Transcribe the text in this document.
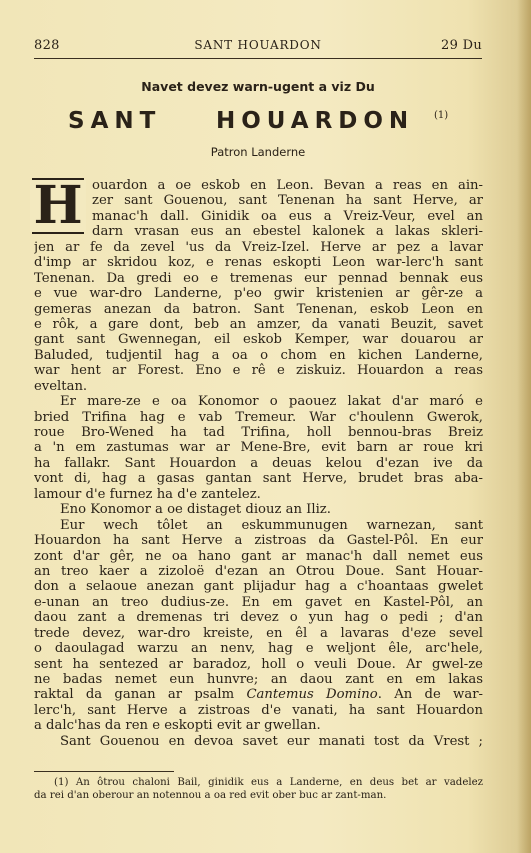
828	SANT HOUARDON	29 Du
Navet devez warn-ugent a viz Du
SANT HOUARDON (1)
Patron Landerne
ouardon a oe eskob en Leon. Bevan a reas en ain-
zer sant Gouenou, sant Tenenan ha sant Herve, ar
manac'h dall. Ginidik oa eus a Vreiz-Veur, evel an
darn vrasan eus an ebestel kalonek a lakas skleri-
jen ar fe da zevel 'us da Vreiz-Izel. Herve ar pez a lavar
d'imp ar skridou koz, e renas eskopti Leon war-lerc'h sant
Tenenan. Da gredi eo e tremenas eur pennad bennak eus
e vue war-dro Landerne, p'eo gwir kristenien ar gêr-ze a
gemeras anezan da batron. Sant Tenenan, eskob Leon en
e rôk, a gare dont, beb an amzer, da vanati Beuzit, savet
gant sant Gwennegan, eil eskob Kemper, war douarou ar
Baluded, tudjentil hag a oa o chom en kichen Landerne,
war hent ar Forest. Eno e rê e ziskuiz. Houardon a reas
eveltan.
Er mare-ze e oa Konomor o paouez lakat d'ar maró e
bried Trifina hag e vab Tremeur. War c'houlenn Gwerok,
roue Bro-Wened ha tad Trifina, holl bennou-bras Breiz
a 'n em zastumas war ar Mene-Bre, evit barn ar roue kri
ha fallakr. Sant Houardon a deuas kelou d'ezan ive da
vont di, hag a gasas gantan sant Herve, brudet bras aba-
lamour d'e furnez ha d'e zantelez.
Eno Konomor a oe distaget diouz an Iliz.
Eur wech tôlet an eskummunugen warnezan, sant
Houardon ha sant Herve a zistroas da Gastel-Pôl. En eur
zont d'ar gêr, ne oa hano gant ar manac'h dall nemet eus
an treo kaer a zizoloë d'ezan an Otrou Doue. Sant Houar-
don a selaoue anezan gant plijadur hag a c'hoantaas gwelet
e-unan an treo dudius-ze. En em gavet en Kastel-Pôl, an
daou zant a dremenas tri devez o yun hag o pedi ; d'an
trede devez, war-dro kreiste, en êl a lavaras d'eze sevel
o daoulagad warzu an nenv, hag e weljont êle, arc'hele,
sent ha sentezed ar baradoz, holl o veuli Doue. Ar gwel-ze
ne badas nemet eun hunvre; an daou zant en em lakas
raktal da ganan ar psalm Cantemus Domino. An de war-
lerc'h, sant Herve a zistroas d'e vanati, ha sant Houardon
a dalc'has da ren e eskopti evit ar gwellan.
Sant Gouenou en devoa savet eur manati tost da Vrest ;
H
(1) An ôtrou chaloni Bail, ginidik eus a Landerne, en deus bet ar vadelez
da rei d'an oberour an notennou a oa red evit ober buc ar zant-man.
